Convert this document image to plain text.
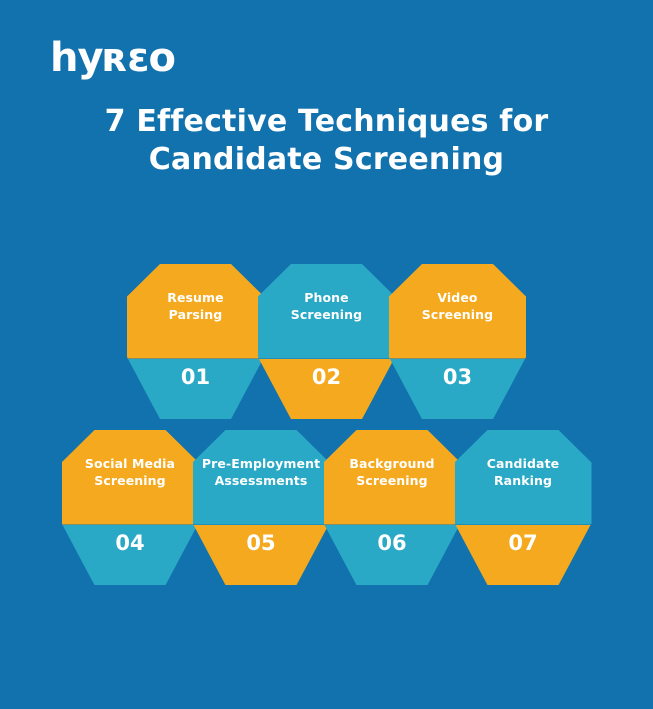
hyʀɛo
7 Effective Techniques for
Candidate Screening
Resume
Parsing
01
Phone
Screening
02
Video
Screening
03
Social Media
Screening
04
Pre-Employment
Assessments
05
Background
Screening
06
Candidate
Ranking
07
